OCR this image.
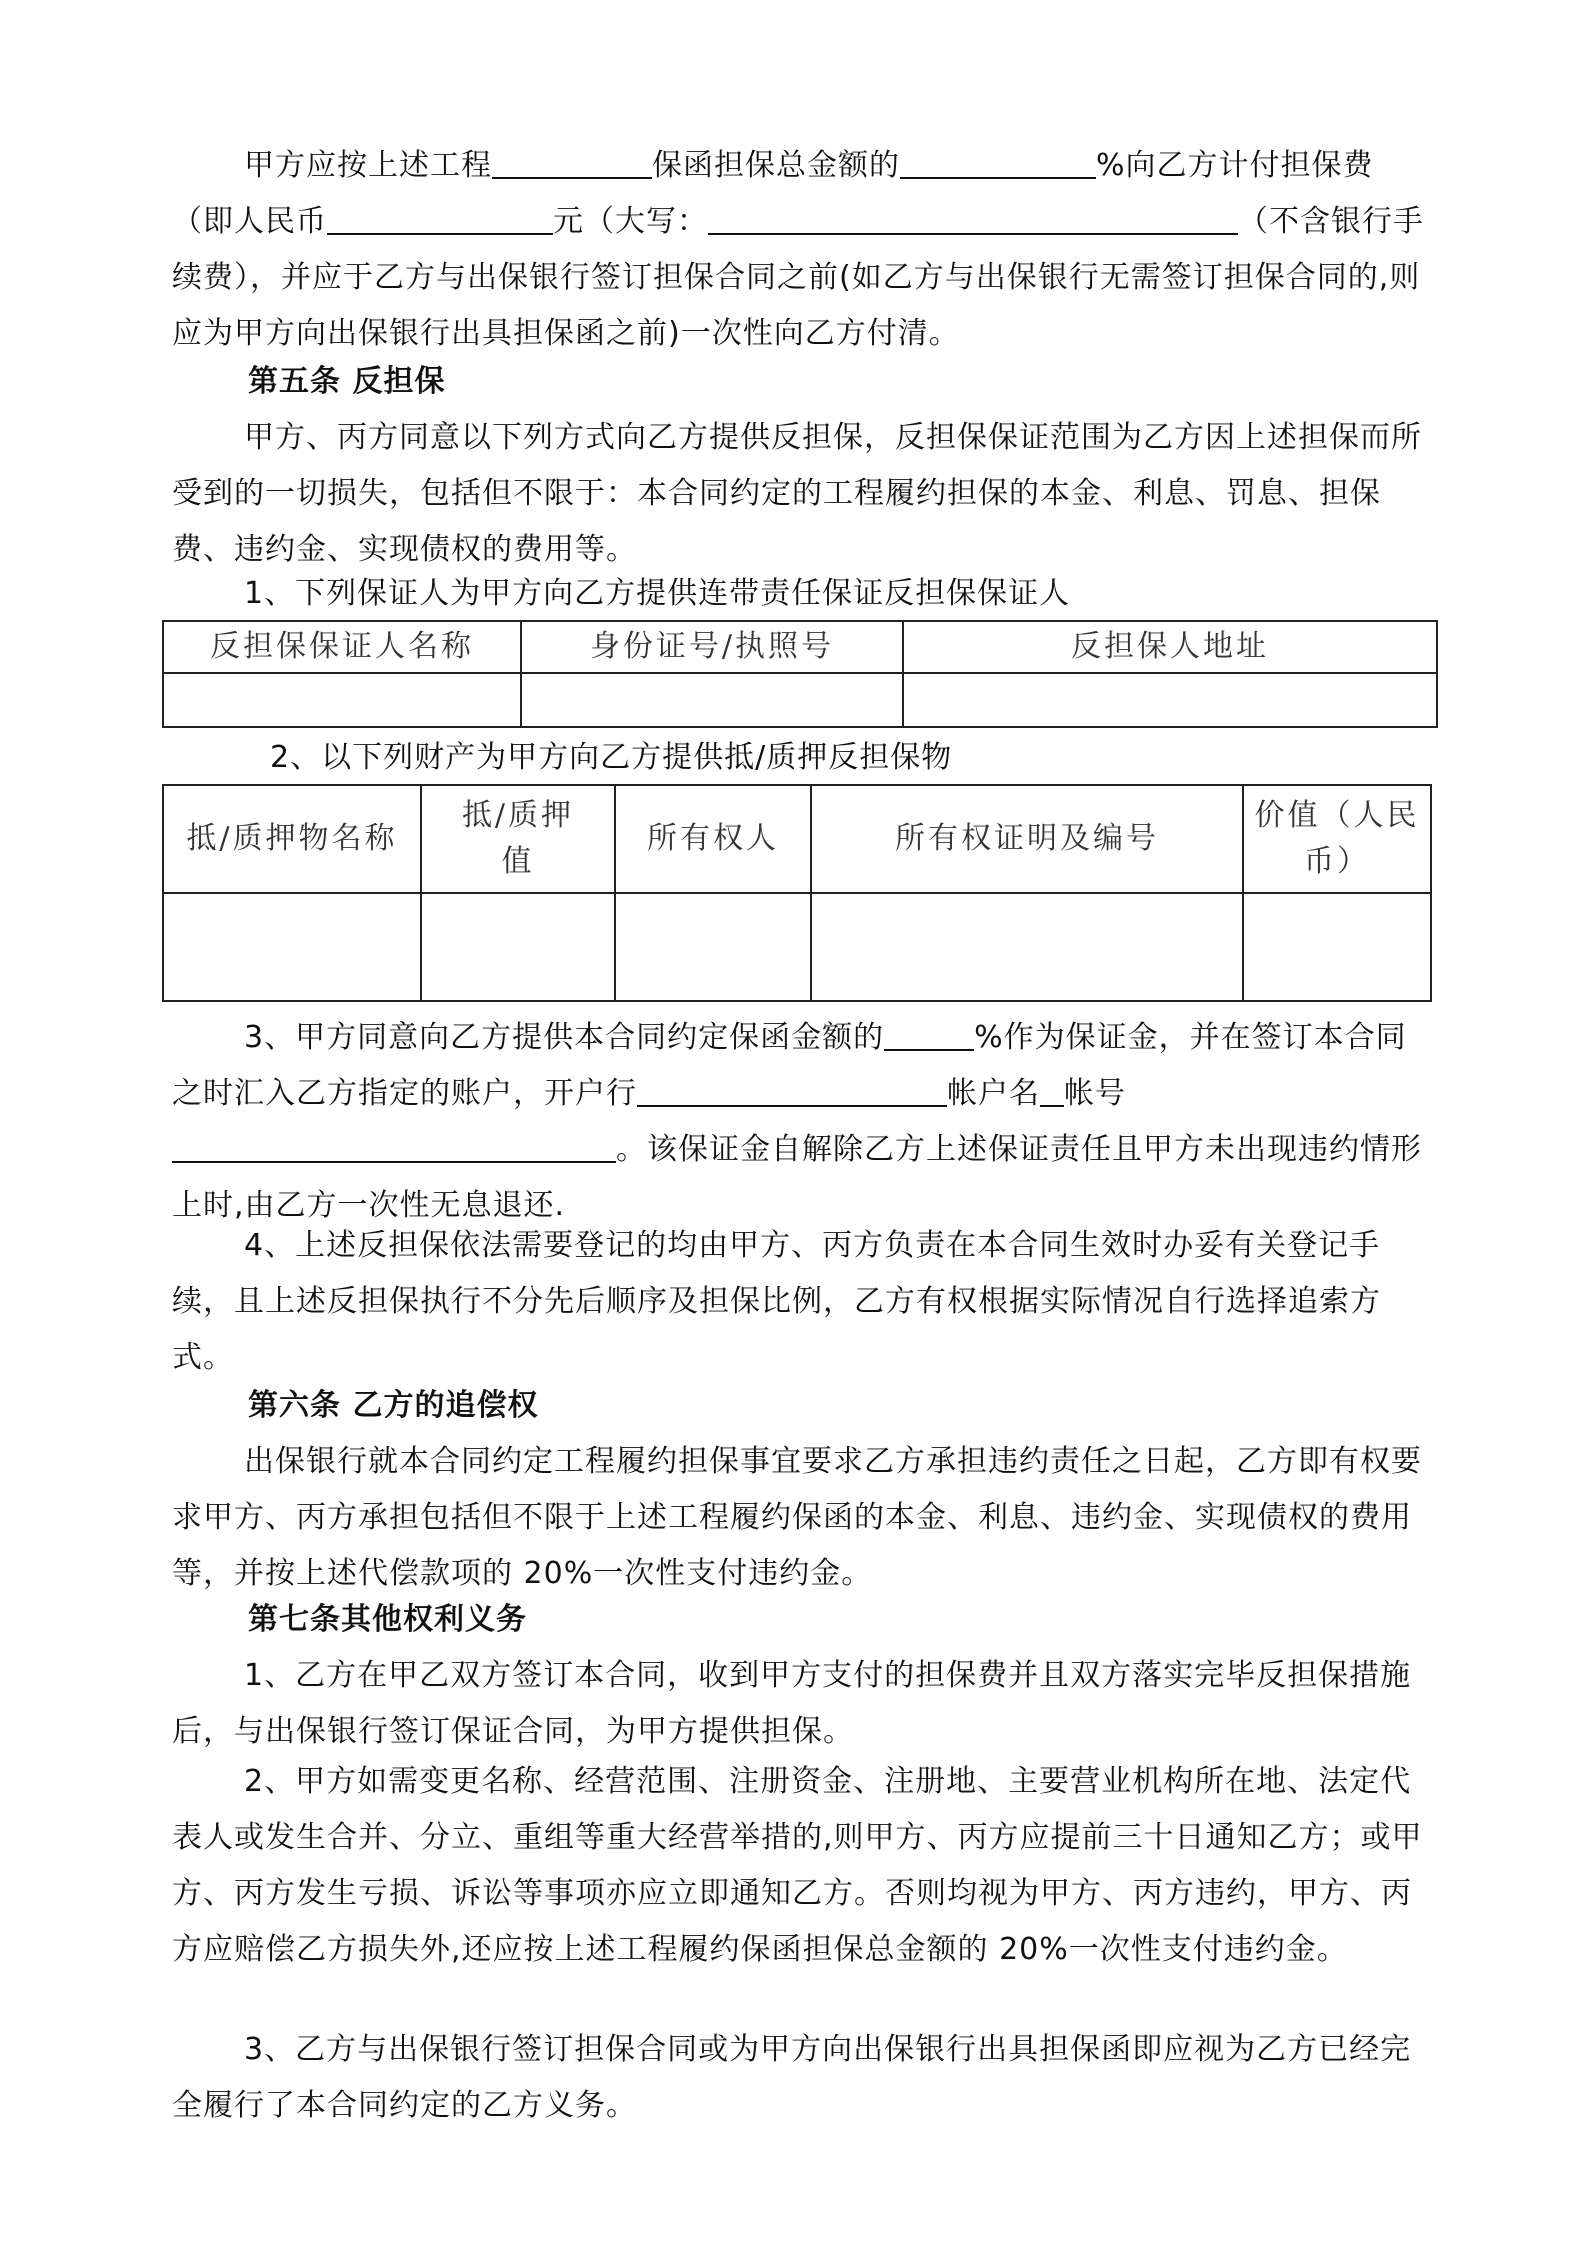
甲方应按上述工程	保函担保总金额的	%向乙方计付担保费（即人民币	元（大写：	（不含银行手续费），并应于乙方与出保银行签订担保合同之前(如乙方与出保银行无需签订担保合同的,则应为甲方向出保银行出具担保函之前)一次性向乙方付清。

第五条 反担保

甲方、丙方同意以下列方式向乙方提供反担保，反担保保证范围为乙方因上述担保而所受到的一切损失，包括但不限于：本合同约定的工程履约担保的本金、利息、罚息、担保费、违约金、实现债权的费用等。

1、下列保证人为甲方向乙方提供连带责任保证反担保保证人

反担保保证人名称	身份证号/执照号	反担保人地址

2、以下列财产为甲方向乙方提供抵/质押反担保物

抵/质押物名称	抵/质押值	所有权人	所有权证明及编号	价值（人民币）

3、甲方同意向乙方提供本合同约定保函金额的	%作为保证金，并在签订本合同之时汇入乙方指定的账户，开户行	帐户名 帐号。该保证金自解除乙方上述保证责任且甲方未出现违约情形上时,由乙方一次性无息退还.

4、上述反担保依法需要登记的均由甲方、丙方负责在本合同生效时办妥有关登记手续，且上述反担保执行不分先后顺序及担保比例，乙方有权根据实际情况自行选择追索方式。

第六条 乙方的追偿权

出保银行就本合同约定工程履约担保事宜要求乙方承担违约责任之日起，乙方即有权要求甲方、丙方承担包括但不限于上述工程履约保函的本金、利息、违约金、实现债权的费用等，并按上述代偿款项的 20%一次性支付违约金。

第七条其他权利义务

1、乙方在甲乙双方签订本合同，收到甲方支付的担保费并且双方落实完毕反担保措施后，与出保银行签订保证合同，为甲方提供担保。

2、甲方如需变更名称、经营范围、注册资金、注册地、主要营业机构所在地、法定代表人或发生合并、分立、重组等重大经营举措的,则甲方、丙方应提前三十日通知乙方；或甲方、丙方发生亏损、诉讼等事项亦应立即通知乙方。否则均视为甲方、丙方违约，甲方、丙方应赔偿乙方损失外,还应按上述工程履约保函担保总金额的 20%一次性支付违约金。

3、乙方与出保银行签订担保合同或为甲方向出保银行出具担保函即应视为乙方已经完全履行了本合同约定的乙方义务。
